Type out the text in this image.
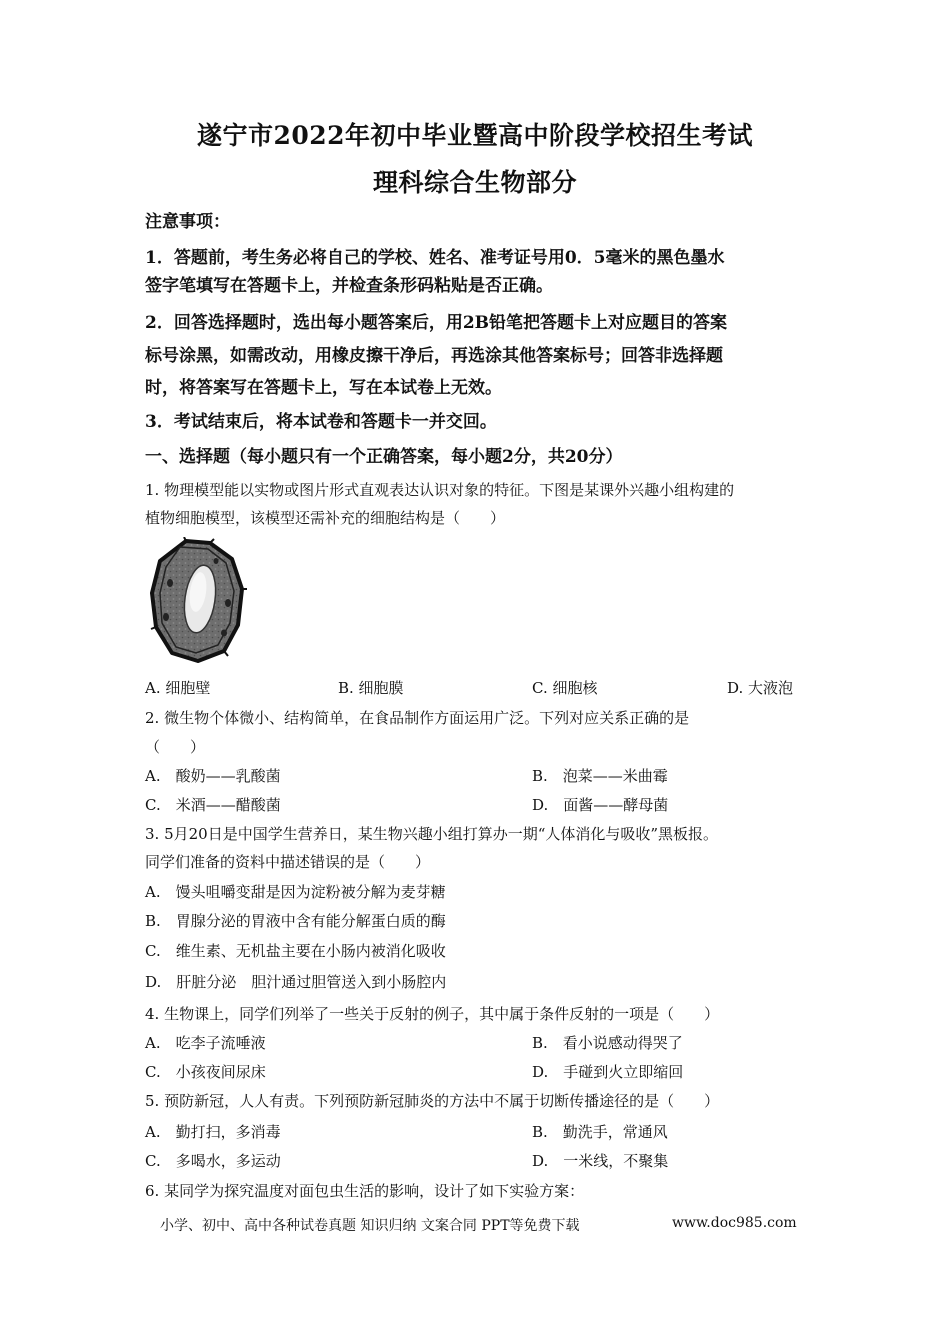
遂宁市2022年初中毕业暨高中阶段学校招生考试
理科综合生物部分
注意事项：
1．答题前，考生务必将自己的学校、姓名、准考证号用0．5毫米的黑色墨水
签字笔填写在答题卡上，并检查条形码粘贴是否正确。
2．回答选择题时，选出每小题答案后，用2B铅笔把答题卡上对应题目的答案
标号涂黑，如需改动，用橡皮擦干净后，再选涂其他答案标号；回答非选择题
时，将答案写在答题卡上，写在本试卷上无效。
3．考试结束后，将本试卷和答题卡一并交回。
一、选择题（每小题只有一个正确答案，每小题2分，共20分）
1. 物理模型能以实物或图片形式直观表达认识对象的特征。下图是某课外兴趣小组构建的
植物细胞模型，该模型还需补充的细胞结构是（　　）
A. 细胞壁	B. 细胞膜	C. 细胞核	D. 大液泡
2. 微生物个体微小、结构简单，在食品制作方面运用广泛。下列对应关系正确的是
（　　）
A.　酸奶——乳酸菌	B.　泡菜——米曲霉
C.　米酒——醋酸菌	D.　面酱——酵母菌
3. 5月20日是中国学生营养日，某生物兴趣小组打算办一期“人体消化与吸收”黑板报。
同学们准备的资料中描述错误的是（　　）
A.　馒头咀嚼变甜是因为淀粉被分解为麦芽糖
B.　胃腺分泌的胃液中含有能分解蛋白质的酶
C.　维生素、无机盐主要在小肠内被消化吸收
D.　肝脏分泌　胆汁通过胆管送入到小肠腔内
4. 生物课上，同学们列举了一些关于反射的例子，其中属于条件反射的一项是（　　）
A.　吃李子流唾液	B.　看小说感动得哭了
C.　小孩夜间尿床	D.　手碰到火立即缩回
5. 预防新冠，人人有责。下列预防新冠肺炎的方法中不属于切断传播途径的是（　　）
A.　勤打扫，多消毒	B.　勤洗手，常通风
C.　多喝水，多运动	D.　一米线，不聚集
6. 某同学为探究温度对面包虫生活的影响，设计了如下实验方案：
小学、初中、高中各种试卷真题 知识归纳 文案合同 PPT等免费下载	www.doc985.com
